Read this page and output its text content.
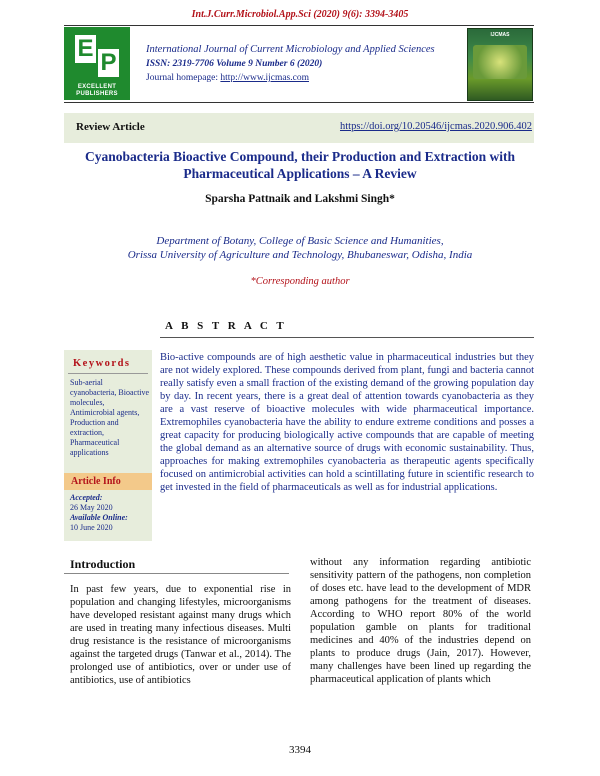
Int.J.Curr.Microbiol.App.Sci (2020) 9(6): 3394-3405
E
P
EXCELLENT PUBLISHERS
International Journal of Current Microbiology and Applied Sciences
ISSN: 2319-7706 Volume 9 Number 6 (2020)
Journal homepage: http://www.ijcmas.com
IJCMAS
Review Article	https://doi.org/10.20546/ijcmas.2020.906.402
Cyanobacteria Bioactive Compound, their Production and Extraction with Pharmaceutical Applications – A Review
Sparsha Pattnaik and Lakshmi Singh*
Department of Botany, College of Basic Science and Humanities,
Orissa University of Agriculture and Technology, Bhubaneswar, Odisha, India
*Corresponding author
A B S T R A C T
Keywords
Sub-aerial cyanobacteria, Bioactive molecules, Antimicrobial agents, Production and extraction, Pharmaceutical applications
Article Info
Accepted:
26 May 2020
Available Online:
10 June 2020
Bio-active compounds are of high aesthetic value in pharmaceutical industries but they are not widely explored. These compounds derived from plant, fungi and bacteria cannot really satisfy even a small fraction of the existing demand of the growing population day by day. In recent years, there is a great deal of attention towards cyanobacteria as they are a vast reserve of bioactive molecules with wide pharmaceutical importance. Extremophiles cyanobacteria have the ability to endure extreme conditions and posses a great capacity for producing biologically active compounds that are capable of meeting the global demand as an alternative source of drugs with economic sustainability. Thus, approaches for making extremophiles cyanobacteria as therapeutic agents specifically focused on antimicrobial activities can hold a scintillating future in scientific research to get invested in the field of pharmaceuticals as well as for industrial applications.
Introduction
In past few years, due to exponential rise in population and changing lifestyles, microorganisms have developed resistant against many drugs which are used in treating many infectious diseases. Multi drug resistance is the resistance of microorganisms against the targeted drugs (Tanwar et al., 2014). The prolonged use of antibiotics, over or under use of antibiotics, use of antibiotics
without any information regarding antibiotic sensitivity pattern of the pathogens, non completion of doses etc. have lead to the development of MDR among pathogens for the treatment of diseases. According to WHO report 80% of the world population gamble on plants for traditional medicines and 40% of the industries depend on plants to produce drugs (Jain, 2017). However, many challenges have been lined up regarding the pharmaceutical application of plants which
3394
